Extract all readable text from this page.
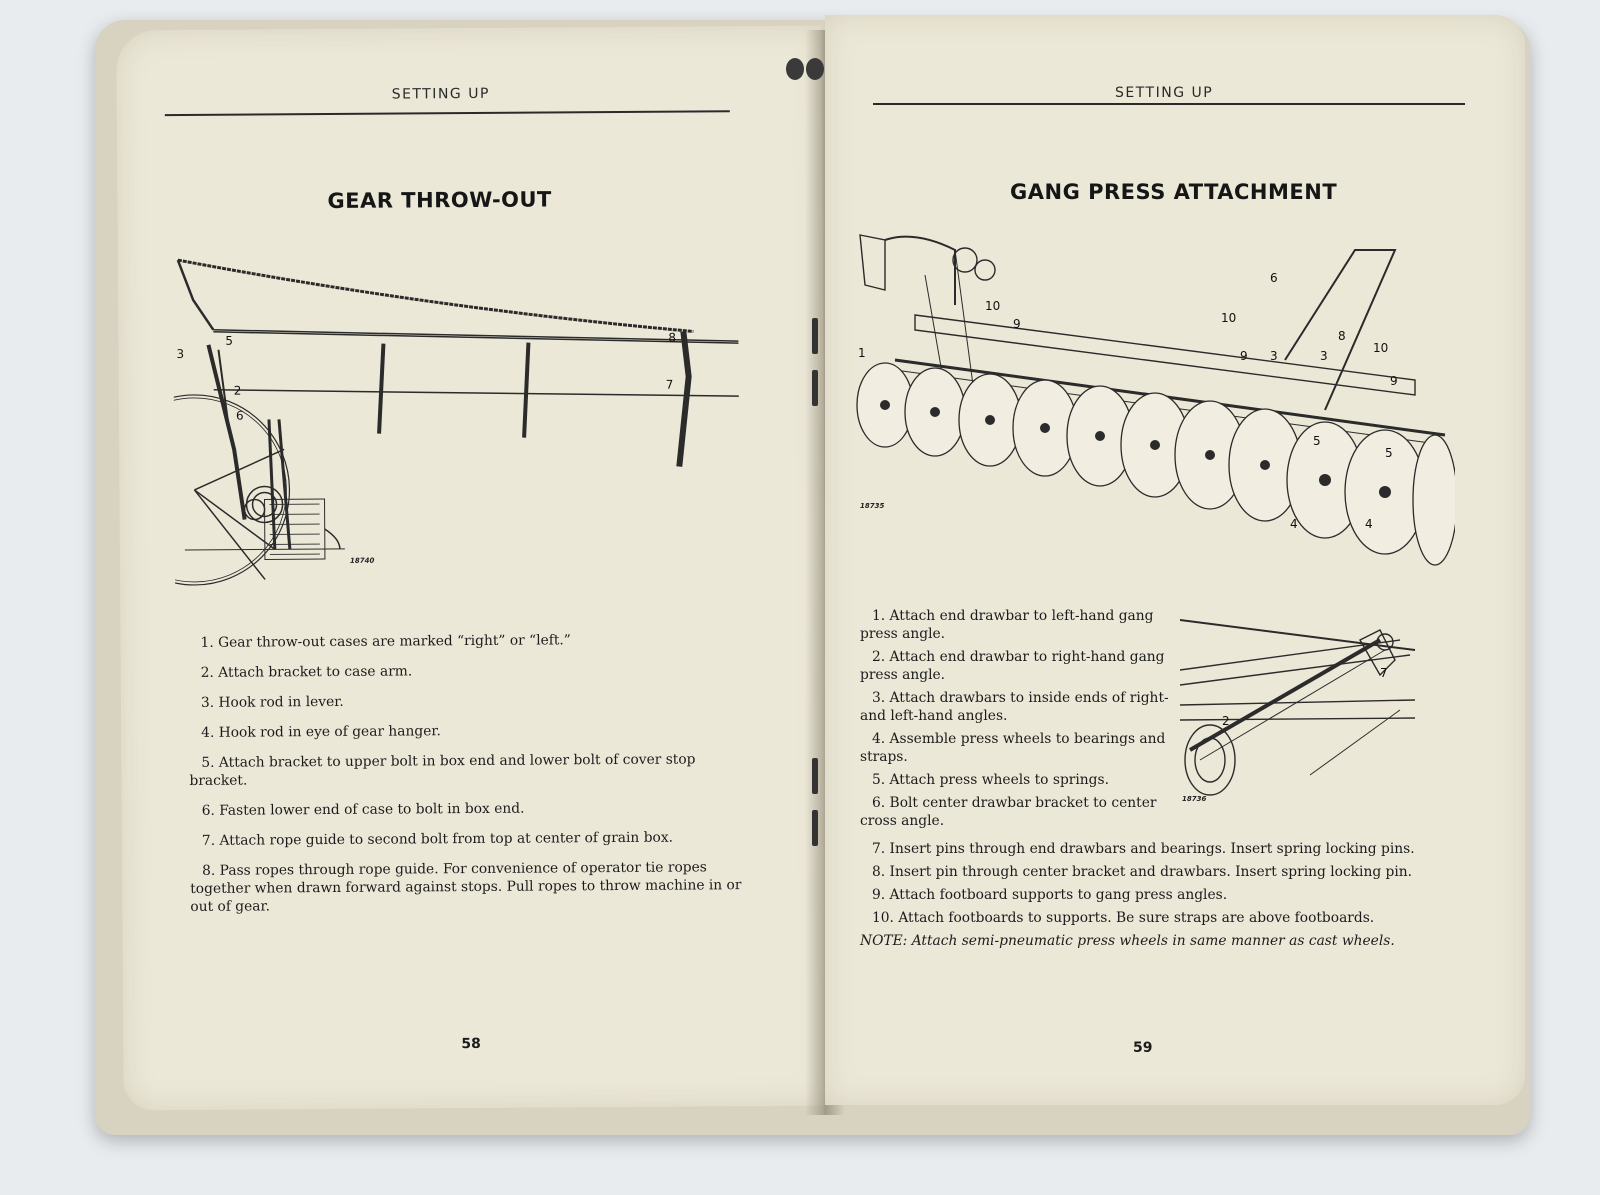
SETTING UP
GEAR THROW-OUT
3
5
2
6
8
7
18740

1. Gear throw-out cases are marked “right” or “left.”

2. Attach bracket to case arm.

3. Hook rod in lever.

4. Hook rod in eye of gear hanger.

5. Attach bracket to upper bolt in box end and lower bolt of cover stop bracket.

6. Fasten lower end of case to bolt in box end.

7. Attach rope guide to second bolt from top at center of grain box.

8. Pass ropes through rope guide. For convenience of operator tie ropes together when drawn forward against stops. Pull ropes to throw machine in or out of gear.

58
SETTING UP
GANG PRESS ATTACHMENT
1
10
9	10
9 3	3
10
9
6
8
5
5
4	4
18735
7
2
18736

1. Attach end drawbar to left-hand gang press angle.

2. Attach end drawbar to right-hand gang press angle.

3. Attach drawbars to inside ends of right- and left-hand angles.

4. Assemble press wheels to bearings and straps.

5. Attach press wheels to springs.

6. Bolt center drawbar bracket to center cross angle.

7. Insert pins through end drawbars and bearings. Insert spring locking pins.

8. Insert pin through center bracket and drawbars. Insert spring locking pin.

9. Attach footboard supports to gang press angles.

10. Attach footboards to supports. Be sure straps are above footboards.

NOTE: Attach semi-pneumatic press wheels in same manner as cast wheels.

59
